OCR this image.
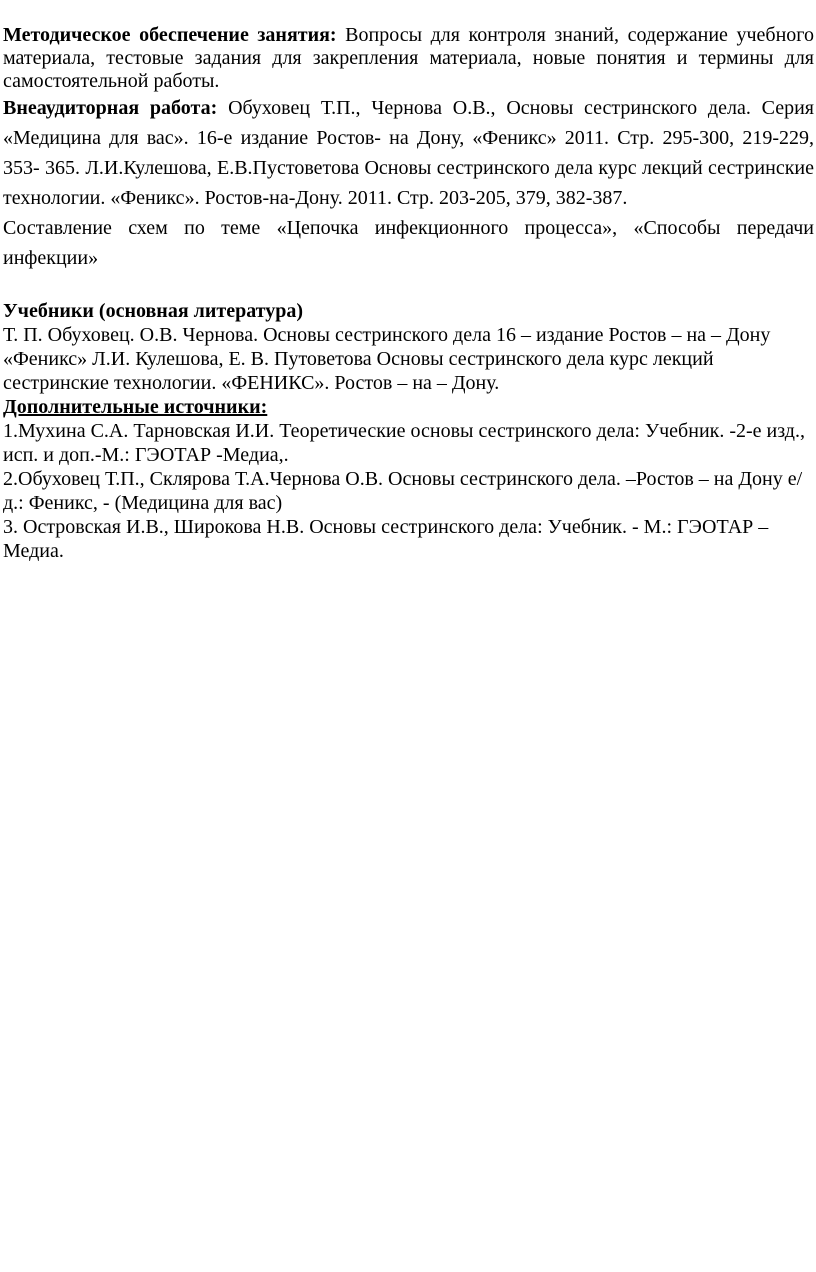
Методическое обеспечение занятия: Вопросы для контроля знаний, содержание учебного материала, тестовые задания для закрепления материала, новые понятия и термины для самостоятельной работы.

Внеаудиторная работа: Обуховец Т.П., Чернова О.В., Основы сестринского дела. Серия «Медицина для вас». 16-е издание Ростов- на Дону, «Феникс» 2011. Стр. 295-300, 219-229, 353- 365. Л.И.Кулешова, Е.В.Пустоветова Основы сестринского дела курс лекций сестринские технологии. «Феникс». Ростов-на-Дону. 2011. Стр. 203-205, 379, 382-387.
Составление схем по теме «Цепочка инфекционного процесса», «Способы передачи инфекции»

Учебники (основная литература)

Т. П. Обуховец. О.В. Чернова. Основы сестринского дела 16 – издание Ростов – на – Дону «Феникс» Л.И. Кулешова, Е. В. Путоветова Основы сестринского дела курс лекций сестринские технологии. «ФЕНИКС». Ростов – на – Дону.

Дополнительные источники:

1.Мухина С.А. Тарновская И.И. Теоретические основы сестринского дела: Учебник. -2-е изд., исп. и доп.-М.: ГЭОТАР -Медиа,.

2.Обуховец Т.П., Склярова Т.А.Чернова О.В. Основы сестринского дела. –Ростов – на Дону е/д.: Феникс, - (Медицина для вас)

3. Островская И.В., Широкова Н.В. Основы сестринского дела: Учебник. - М.: ГЭОТАР – Медиа.
